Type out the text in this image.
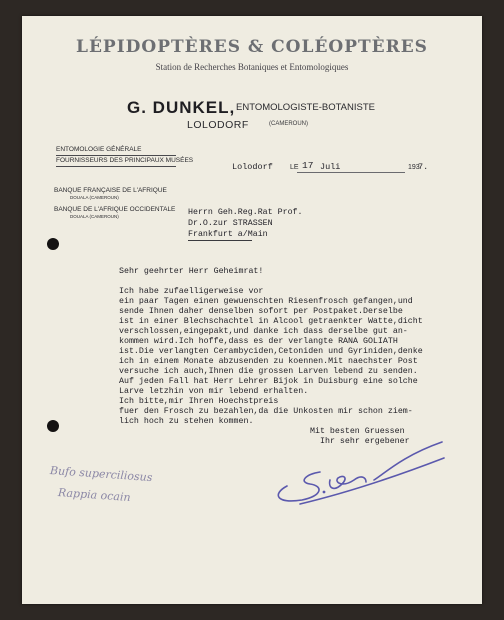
LÉPIDOPTÈRES & COLÉOPTÈRES
Station de Recherches Botaniques et Entomologiques
G. DUNKEL, ENTOMOLOGISTE-BOTANISTE
LOLODORF	(CAMEROUN)
ENTOMOLOGIE GÉNÉRALE
FOURNISSEURS DES PRINCIPAUX MUSÉES
BANQUE FRANÇAISE DE L'AFRIQUE
DOUALA (CAMEROUN)
BANQUE DE L'AFRIQUE OCCIDENTALE
DOUALA (CAMEROUN)
Lolodorf LE 17 Juli	193
7.
Herrn Geh.Reg.Rat Prof.
Dr.O.zur STRASSEN
Frankfurt a/Main
Sehr geehrter Herr Geheimrat!
Ich habe zufaelligerweise vor
ein paar Tagen einen gewuenschten Riesenfrosch gefangen,und
sende Ihnen daher denselben sofort per Postpaket.Derselbe
ist in einer Blechschachtel in Alcool getraenkter Watte,dicht
verschlossen,eingepakt,und danke ich dass derselbe gut an-
kommen wird.Ich hoffe,dass es der verlangte RANA GOLIATH
ist.Die verlangten Cerambyciden,Cetoniden und Gyriniden,denke
ich in einem Monate abzusenden zu koennen.Mit naechster Post
versuche ich auch,Ihnen die grossen Larven lebend zu senden.
Auf jeden Fall hat Herr Lehrer Bijok in Duisburg eine solche
Larve letzhin von mir lebend erhalten.
Ich bitte,mir Ihren Hoechstpreis
fuer den Frosch zu bezahlen,da die Unkosten mir schon ziem-
lich hoch zu stehen kommen.
Mit besten Gruessen
Ihr sehr ergebener
Bufo superciliosus
Rappia ocain
